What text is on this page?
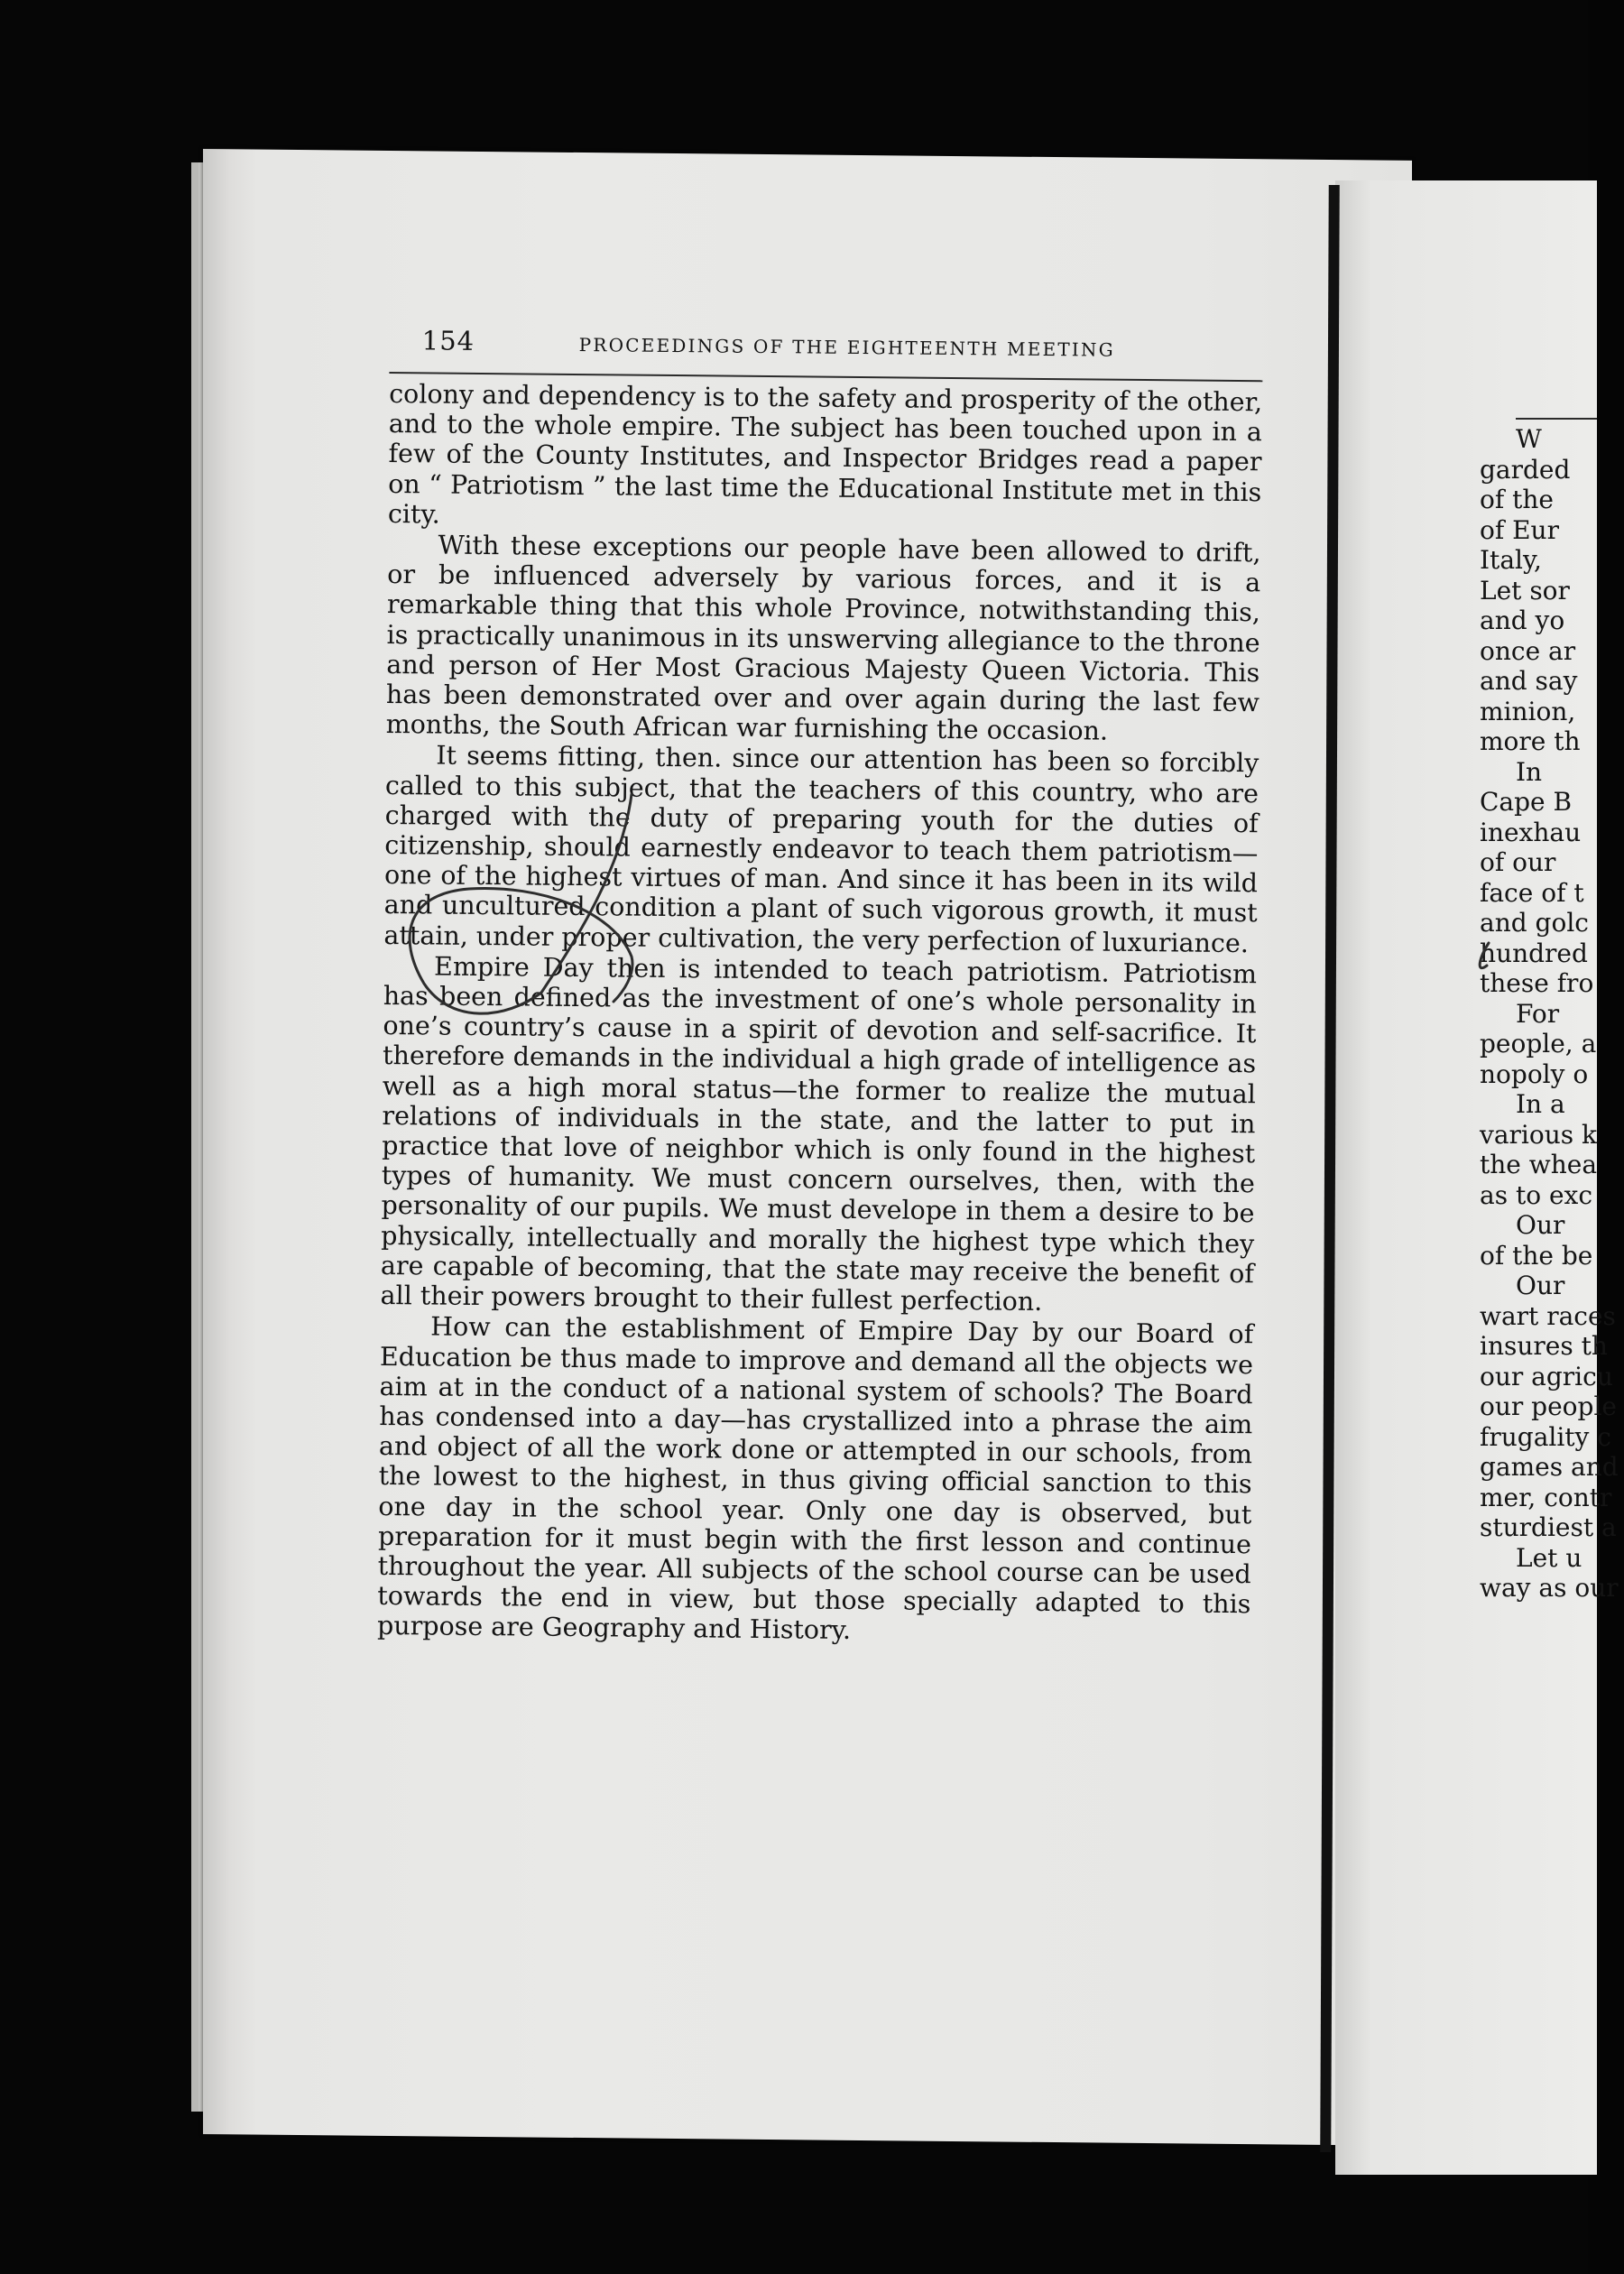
154	PROCEEDINGS OF THE EIGHTEENTH MEETING

colony and dependency is to the safety and prosperity of the other, and to the whole empire. The subject has been touched upon in a few of the County Institutes, and Inspector Bridges read a paper on “ Patriotism ” the last time the Educational Institute met in this city.

With these exceptions our people have been allowed to drift, or be influenced adversely by various forces, and it is a remarkable thing that this whole Province, notwithstanding this, is practically unanimous in its unswerving allegiance to the throne and person of Her Most Gracious Majesty Queen Victoria. This has been demonstrated over and over again during the last few months, the South African war furnishing the occasion.

It seems fitting, then. since our attention has been so forcibly called to this subject, that the teachers of this country, who are charged with the duty of preparing youth for the duties of citizenship, should earnestly endeavor to teach them patriotism—one of the highest virtues of man. And since it has been in its wild and uncultured condition a plant of such vigorous growth, it must attain, under proper cultivation, the very perfection of luxuriance.

Empire Day then is intended to teach patriotism. Patriotism has been defined as the investment of one’s whole personality in one’s country’s cause in a spirit of devotion and self-sacrifice. It therefore demands in the individual a high grade of intelligence as well as a high moral status—the former to realize the mutual relations of individuals in the state, and the latter to put in practice that love of neighbor which is only found in the highest types of humanity. We must concern ourselves, then, with the personality of our pupils. We must develope in them a desire to be physically, intellectually and morally the highest type which they are capable of becoming, that the state may receive the benefit of all their powers brought to their fullest perfection.

How can the establishment of Empire Day by our Board of Education be thus made to improve and demand all the objects we aim at in the conduct of a national system of schools? The Board has condensed into a day—has crystallized into a phrase the aim and object of all the work done or attempted in our schools, from the lowest to the highest, in thus giving official sanction to this one day in the school year. Only one day is observed, but preparation for it must begin with the first lesson and continue throughout the year. All subjects of the school course can be used towards the end in view, but those specially adapted to this purpose are Geography and History.

W

garded

of the

of Eur

Italy,

Let sor

and yo

once ar

and say

minion,

more th

In

Cape B

inexhau

of our

face of t

and golc

hundred

these fro

For

people, a

nopoly o

In a

various k

the whea

as to exc

Our

of the be

Our

wart races

insures th

our agricu

our people

frugality c

games and

mer, contr

sturdiest a

Let u

way as our
